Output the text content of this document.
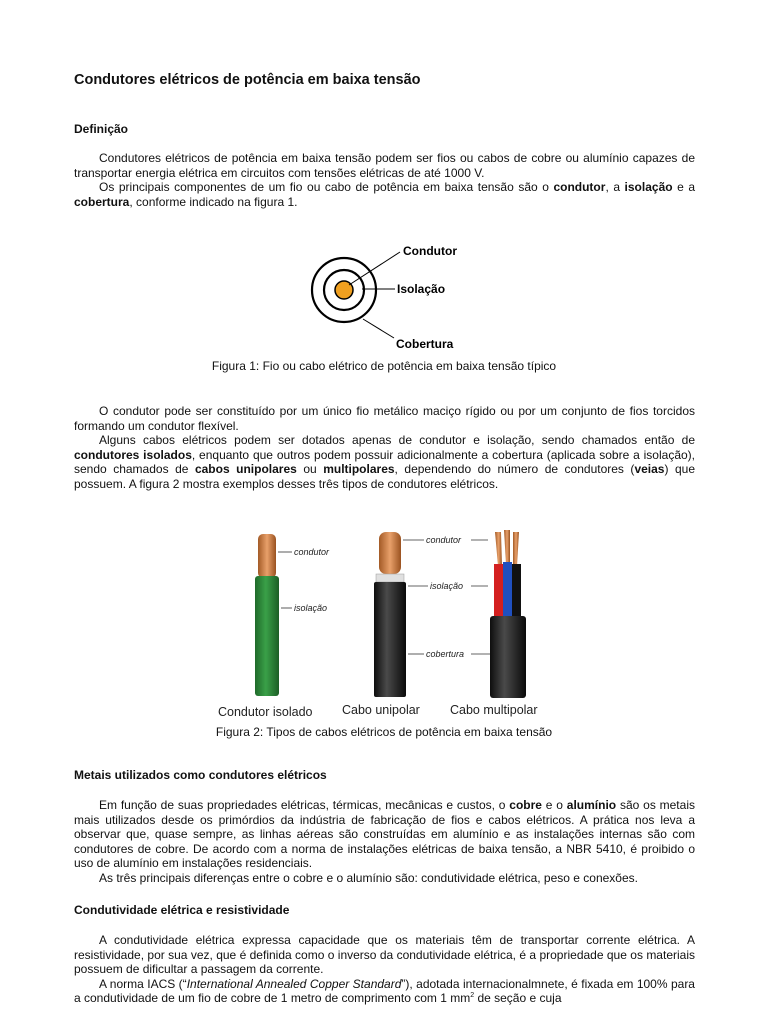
Condutores elétricos de potência em baixa tensão
Definição

Condutores elétricos de potência em baixa tensão podem ser fios ou cabos de cobre ou alumínio capazes de transportar energia elétrica em circuitos com tensões elétricas de até 1000 V.

Os principais componentes de um fio ou cabo de potência em baixa tensão são o condutor, a isolação e a cobertura, conforme indicado na figura 1.

Condutor
Isolação
Cobertura
Figura 1: Fio ou cabo elétrico de potência em baixa tensão típico

O condutor pode ser constituído por um único fio metálico maciço rígido ou por um conjunto de fios torcidos formando um condutor flexível.

Alguns cabos elétricos podem ser dotados apenas de condutor e isolação, sendo chamados então de condutores isolados, enquanto que outros podem possuir adicionalmente a cobertura (aplicada sobre a isolação), sendo chamados de cabos unipolares ou multipolares, dependendo do número de condutores (veias) que possuem. A figura 2 mostra exemplos desses três tipos de condutores elétricos.

condutor
isolação
condutor
isolação
cobertura
Condutor isolado Cabo unipolar Cabo multipolar
Figura 2: Tipos de cabos elétricos de potência em baixa tensão
Metais utilizados como condutores elétricos

Em função de suas propriedades elétricas, térmicas, mecânicas e custos, o cobre e o alumínio são os metais mais utilizados desde os primórdios da indústria de fabricação de fios e cabos elétricos. A prática nos leva a observar que, quase sempre, as linhas aéreas são construídas em alumínio e as instalações internas são com condutores de cobre. De acordo com a norma de instalações elétricas de baixa tensão, a NBR 5410, é proibido o uso de alumínio em instalações residenciais.

As três principais diferenças entre o cobre e o alumínio são: condutividade elétrica, peso e conexões.

Condutividade elétrica e resistividade

A condutividade elétrica expressa capacidade que os materiais têm de transportar corrente elétrica. A resistividade, por sua vez, que é definida como o inverso da condutividade elétrica, é a propriedade que os materiais possuem de dificultar a passagem da corrente.

A norma IACS (“International Annealed Copper Standard”), adotada internacionalmnete, é fixada em 100% para a condutividade de um fio de cobre de 1 metro de comprimento com 1 $mm^2$ de seção e cuja
